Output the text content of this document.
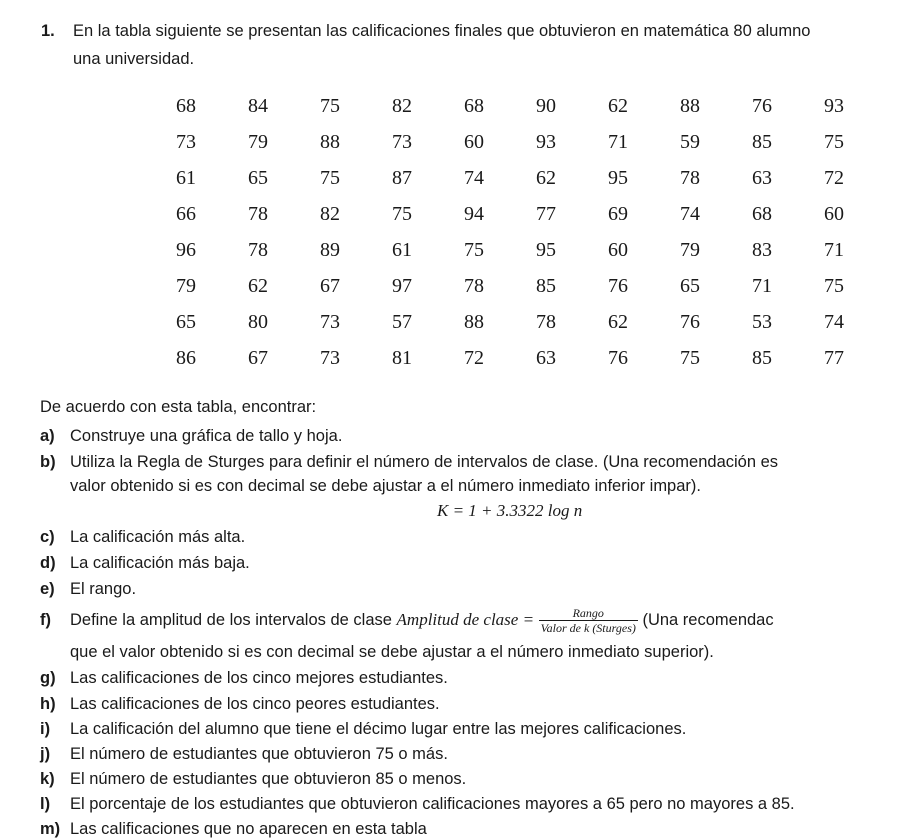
1. En la tabla siguiente se presentan las calificaciones finales que obtuvieron en matemática 80 alumno
una universidad.
68	84	75	82	68	90	62	88	76	93
73	79	88	73	60	93	71	59	85	75
61	65	75	87	74	62	95	78	63	72
66	78	82	75	94	77	69	74	68	60
96	78	89	61	75	95	60	79	83	71
79	62	67	97	78	85	76	65	71	75
65	80	73	57	88	78	62	76	53	74
86	67	73	81	72	63	76	75	85	77
De acuerdo con esta tabla, encontrar:
a) Construye una gráfica de tallo y hoja.
b) Utiliza la Regla de Sturges para definir el número de intervalos de clase. (Una recomendación es
valor obtenido si es con decimal se debe ajustar a el número inmediato inferior impar).
K = 1 + 3.3322 log n
c) La calificación más alta.
d) La calificación más baja.
e) El rango.
f) Define la amplitud de los intervalos de clase Amplitud de clase = $\frac{\text{Rango}}{\text{Valor de k (Sturges)}} (Una$ recomendac
que el valor obtenido si es con decimal se debe ajustar a el número inmediato superior).
g) Las calificaciones de los cinco mejores estudiantes.
h) Las calificaciones de los cinco peores estudiantes.
i) La calificación del alumno que tiene el décimo lugar entre las mejores calificaciones.
j) El número de estudiantes que obtuvieron 75 o más.
k) El número de estudiantes que obtuvieron 85 o menos.
l) El porcentaje de los estudiantes que obtuvieron calificaciones mayores a 65 pero no mayores a 85.
m) Las calificaciones que no aparecen en esta tabla
